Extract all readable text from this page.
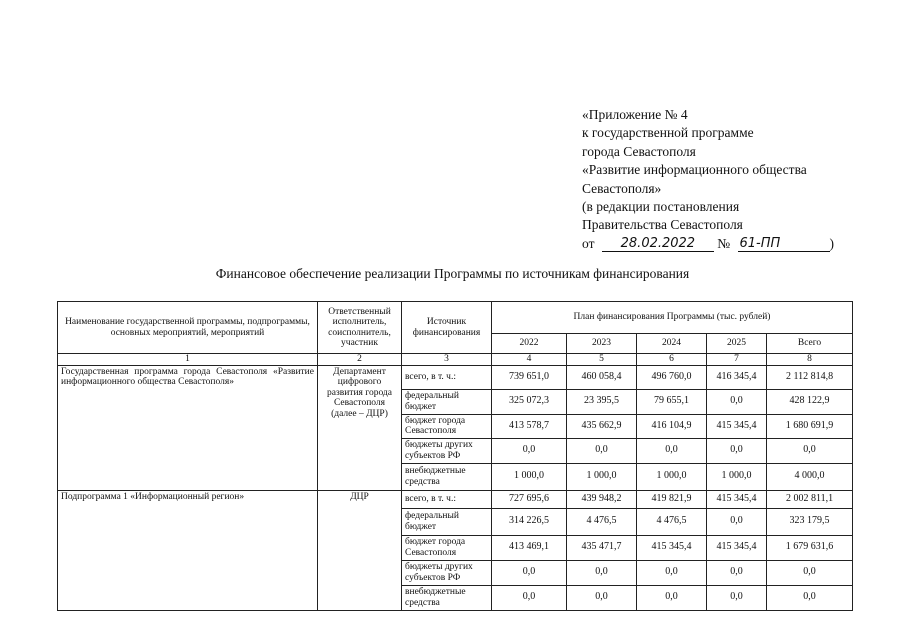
«Приложение № 4
к государственной программе
города Севастополя
«Развитие информационного общества
Севастополя»
(в редакции постановления
Правительства Севастополя
от 28.02.2022 № 61-ПП	)
Финансовое обеспечение реализации Программы по источникам финансирования
Наименование государственной программы, подпрограммы, основных мероприятий, мероприятий	Ответственный исполнитель, соисполнитель, участник	Источник финансирования	План финансирования Программы (тыс. рублей)				
			2022	2023	2024	2025	Всего
1	2	3	4	5	6	7	8
Государственная программа города Севастополя «Развитие информационного общества Севастополя»	Департамент цифрового развития города Севастополя (далее – ДЦР)	всего, в т. ч.:	739 651,0	460 058,4	496 760,0	416 345,4	2 112 814,8
		федеральный бюджет	325 072,3	23 395,5	79 655,1	0,0	428 122,9
		бюджет города Севастополя	413 578,7	435 662,9	416 104,9	415 345,4	1 680 691,9
		бюджеты других субъектов РФ	0,0	0,0	0,0	0,0	0,0
		внебюджетные средства	1 000,0	1 000,0	1 000,0	1 000,0	4 000,0
Подпрограмма 1 «Информационный регион»	ДЦР	всего, в т. ч.:	727 695,6	439 948,2	419 821,9	415 345,4	2 002 811,1
		федеральный бюджет	314 226,5	4 476,5	4 476,5	0,0	323 179,5
		бюджет города Севастополя	413 469,1	435 471,7	415 345,4	415 345,4	1 679 631,6
		бюджеты других субъектов РФ	0,0	0,0	0,0	0,0	0,0
		внебюджетные средства	0,0	0,0	0,0	0,0	0,0
